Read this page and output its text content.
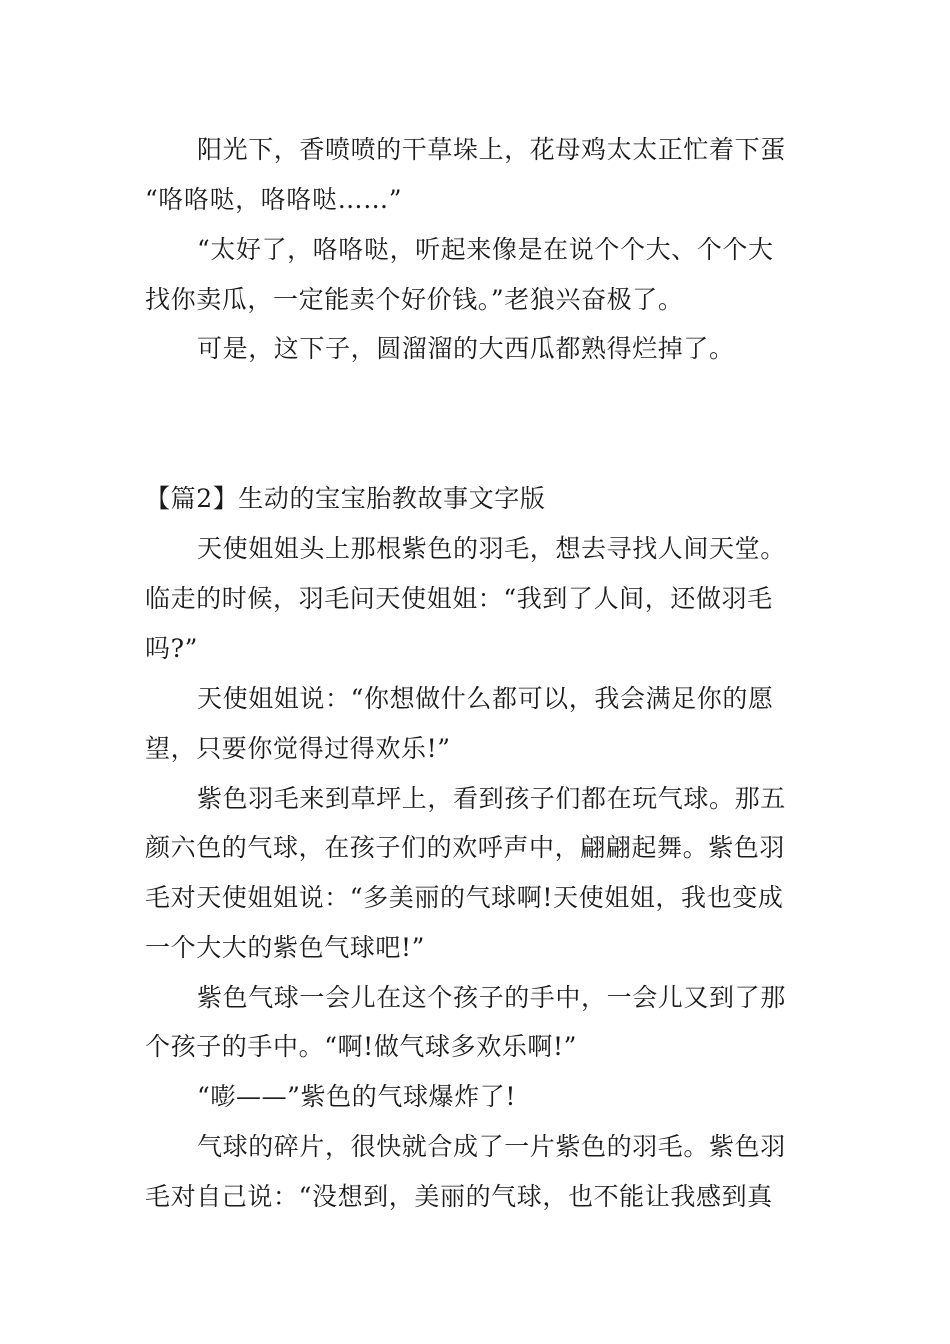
阳光下，香喷喷的干草垛上，花母鸡太太正忙着下蛋
“咯咯哒，咯咯哒……”
“太好了，咯咯哒，听起来像是在说个个大、个个大
找你卖瓜，一定能卖个好价钱。”老狼兴奋极了。
可是，这下子，圆溜溜的大西瓜都熟得烂掉了。
【篇2】生动的宝宝胎教故事文字版
天使姐姐头上那根紫色的羽毛，想去寻找人间天堂。
临走的时候，羽毛问天使姐姐：“我到了人间，还做羽毛
吗?”
天使姐姐说：“你想做什么都可以，我会满足你的愿
望，只要你觉得过得欢乐!”
紫色羽毛来到草坪上，看到孩子们都在玩气球。那五
颜六色的气球，在孩子们的欢呼声中，翩翩起舞。紫色羽
毛对天使姐姐说：“多美丽的气球啊!天使姐姐，我也变成
一个大大的紫色气球吧!”
紫色气球一会儿在这个孩子的手中，一会儿又到了那
个孩子的手中。“啊!做气球多欢乐啊!”
“嘭——”紫色的气球爆炸了!
气球的碎片，很快就合成了一片紫色的羽毛。紫色羽
毛对自己说：“没想到，美丽的气球，也不能让我感到真
